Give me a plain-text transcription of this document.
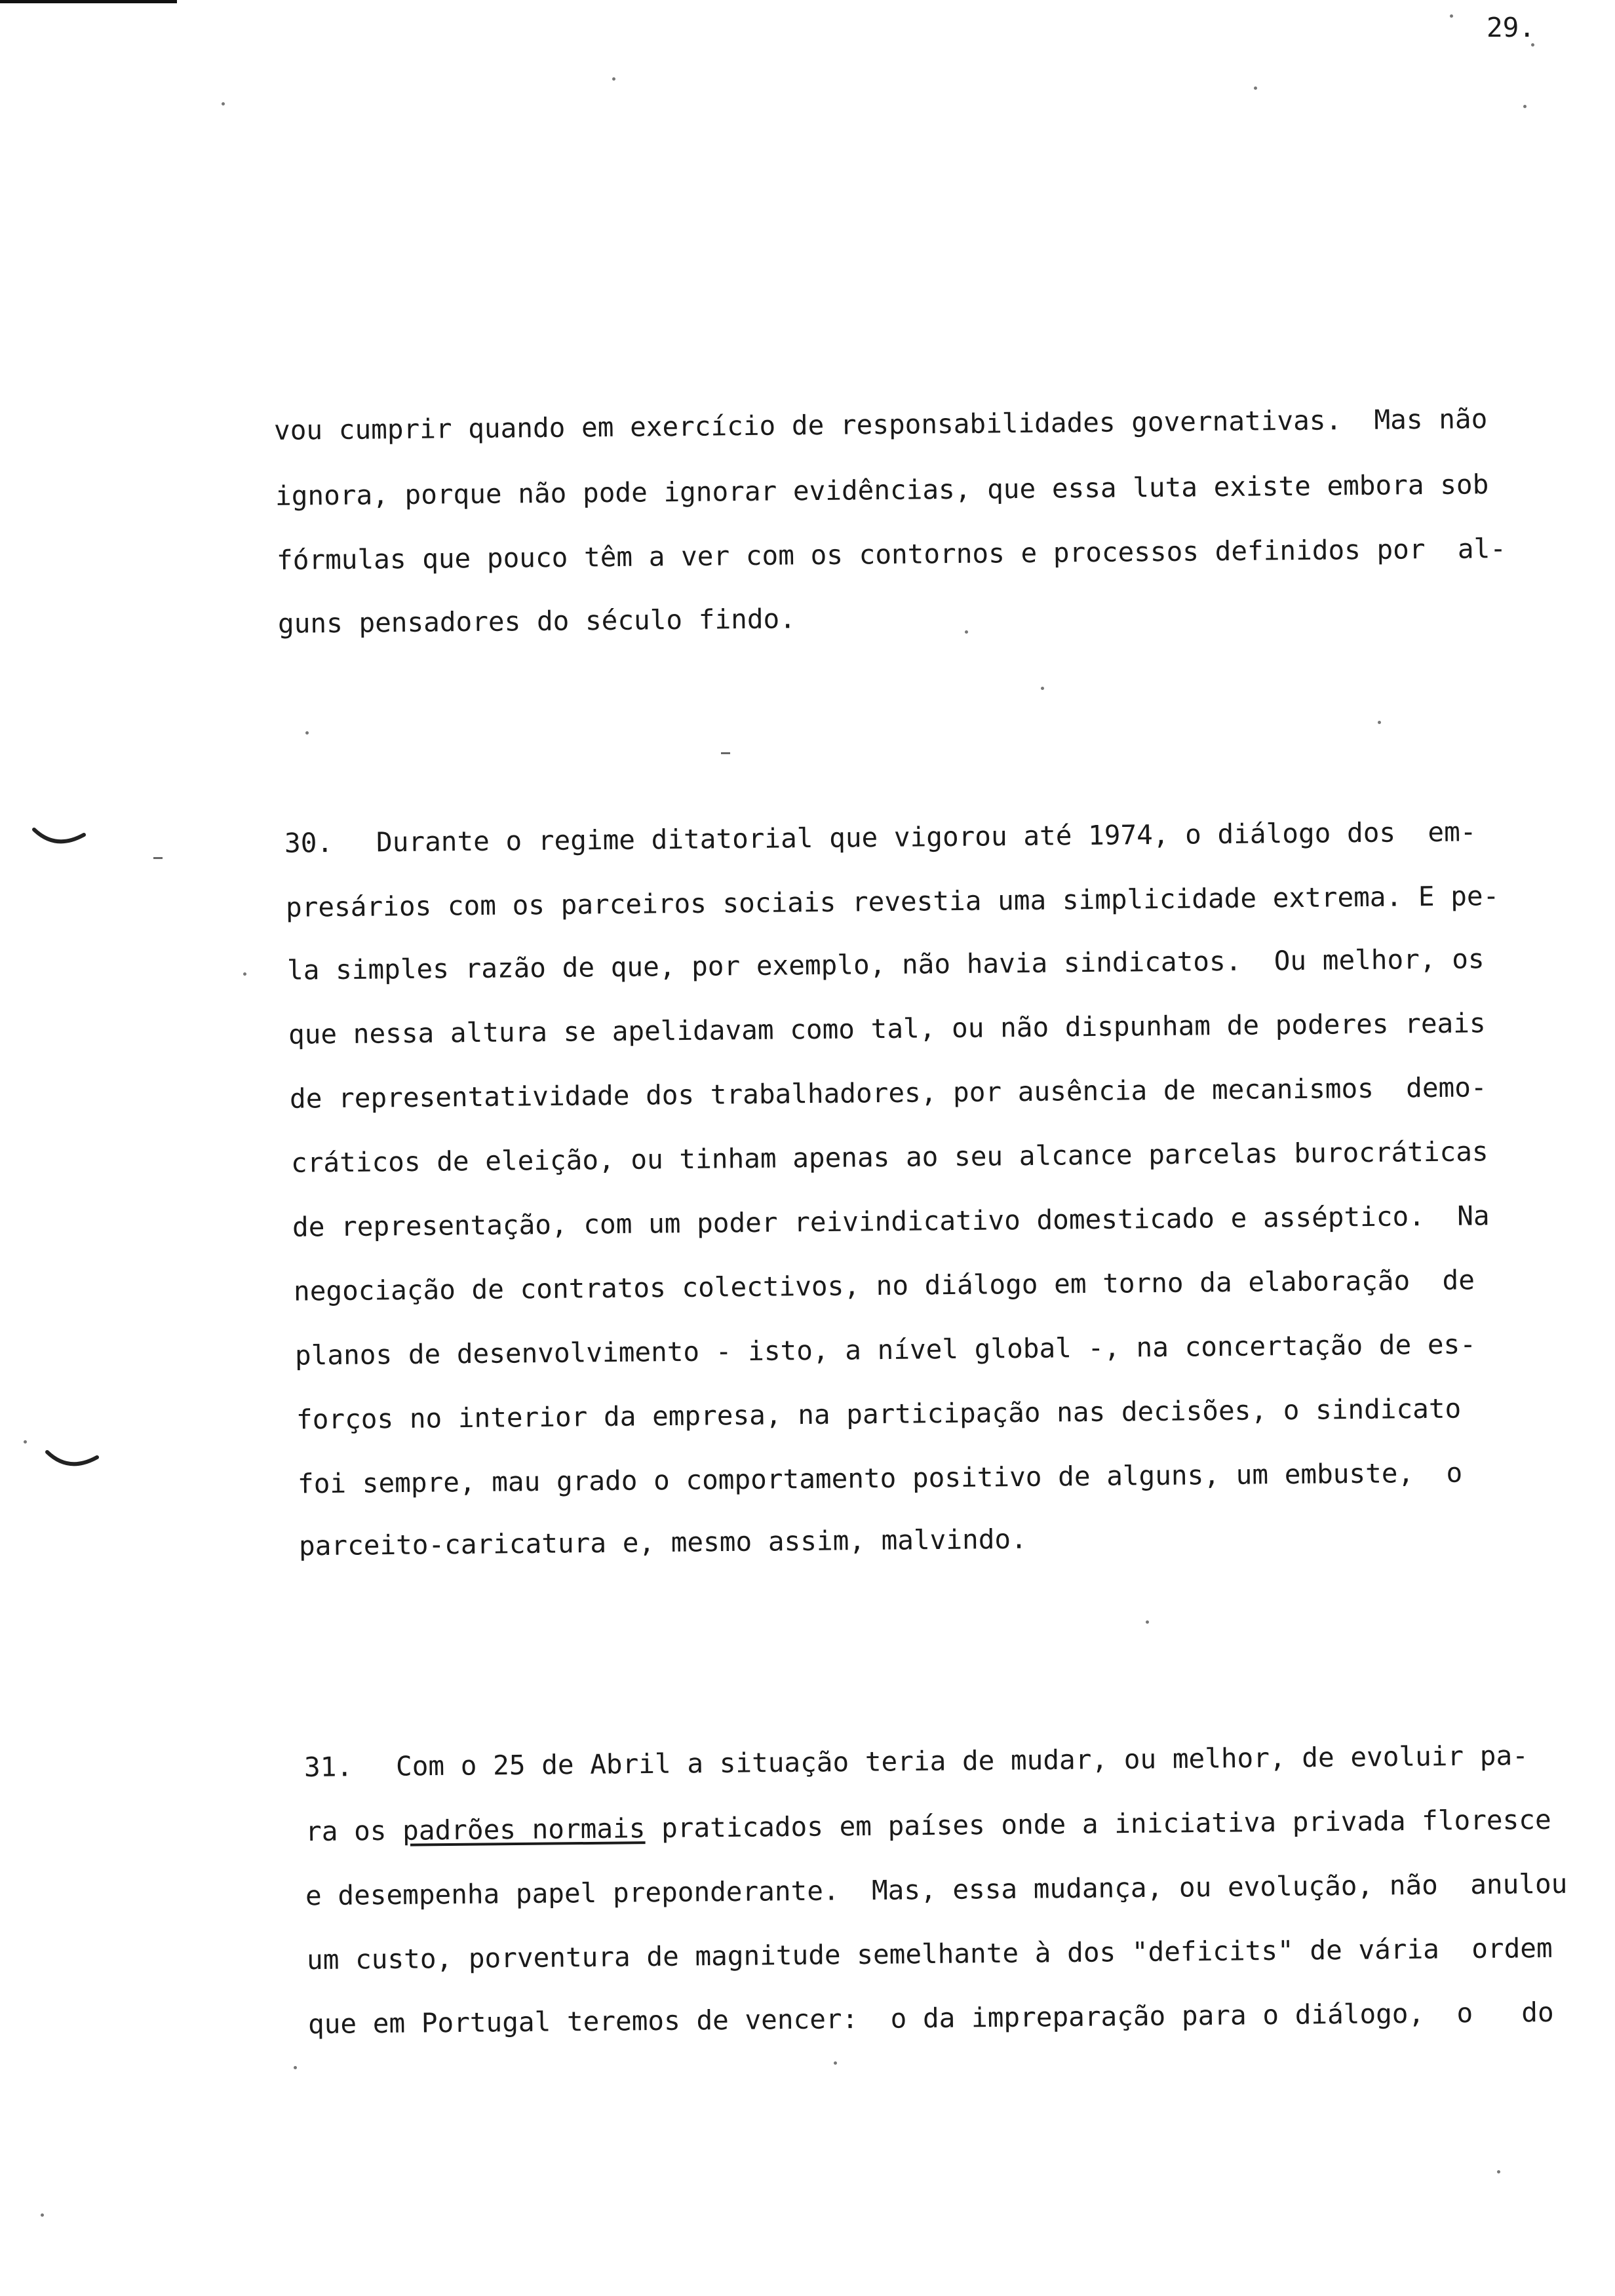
29.
vou cumprir quando em exercício de responsabilidades governativas.  Mas não
ignora, porque não pode ignorar evidências, que essa luta existe embora sob
fórmulas que pouco têm a ver com os contornos e processos definidos por  al-
guns pensadores do século findo.
30. Durante o regime ditatorial que vigorou até 1974, o diálogo dos  em-
presários com os parceiros sociais revestia uma simplicidade extrema. E pe-
la simples razão de que, por exemplo, não havia sindicatos.  Ou melhor, os
que nessa altura se apelidavam como tal, ou não dispunham de poderes reais
de representatividade dos trabalhadores, por ausência de mecanismos  demo-
cráticos de eleição, ou tinham apenas ao seu alcance parcelas burocráticas
de representação, com um poder reivindicativo domesticado e asséptico.  Na
negociação de contratos colectivos, no diálogo em torno da elaboração  de
planos de desenvolvimento - isto, a nível global -, na concertação de es-
forços no interior da empresa, na participação nas decisões, o sindicato
foi sempre, mau grado o comportamento positivo de alguns, um embuste,  o
parceito-caricatura e, mesmo assim, malvindo.
31. Com o 25 de Abril a situação teria de mudar, ou melhor, de evoluir pa-
ra os padrões normais praticados em países onde a iniciativa privada floresce
e desempenha papel preponderante.  Mas, essa mudança, ou evolução, não  anulou
um custo, porventura de magnitude semelhante à dos "deficits" de vária  ordem
que em Portugal teremos de vencer:  o da impreparação para o diálogo,  o   do
